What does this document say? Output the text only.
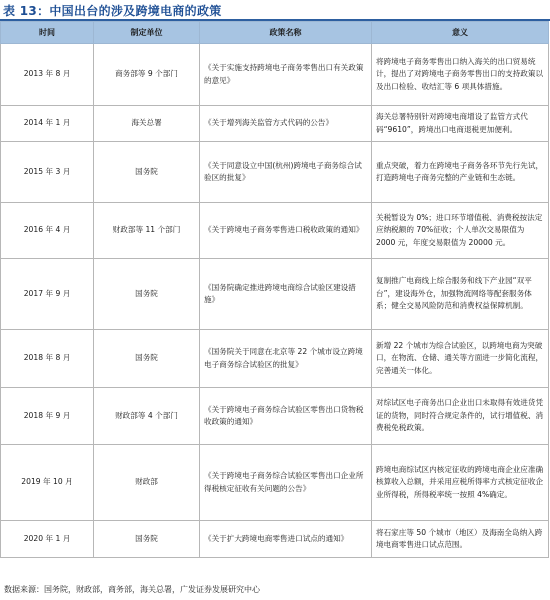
表 13：中国出台的涉及跨境电商的政策
时间	制定单位	政策名称	意义
2013 年 8 月	商务部等 9 个部门	《关于实施支持跨境电子商务零售出口有关政策的意见》	将跨境电子商务零售出口纳入海关的出口贸易统计，提出了对跨境电子商务零售出口的支持政策以及出口检验、收结汇等 6 项具体措施。
2014 年 1 月	海关总署	《关于增列海关监管方式代码的公告》	海关总署特别针对跨境电商增设了监管方式代码“9610”，跨境出口电商退税更加便利。
2015 年 3 月	国务院	《关于同意设立中国(杭州)跨境电子商务综合试验区的批复》	重点突破，着力在跨境电子商务各环节先行先试，打造跨境电子商务完整的产业链和生态链。
2016 年 4 月	财政部等 11 个部门	《关于跨境电子商务零售进口税收政策的通知》	关税暂设为 0%；进口环节增值税、消费税按法定应纳税额的 70%征收；个人单次交易限值为 2000 元，年度交易限值为 20000 元。
2017 年 9 月	国务院	《国务院确定推进跨境电商综合试验区建设措施》	复制推广电商线上综合服务和线下产业园“双平台”，建设海外仓，加强物流网络等配套服务体系；健全交易风险防范和消费权益保障机制。
2018 年 8 月	国务院	《国务院关于同意在北京等 22 个城市设立跨境电子商务综合试验区的批复》	新增 22 个城市为综合试验区，以跨境电商为突破口，在物流、仓储、通关等方面进一步简化流程，完善通关一体化。
2018 年 9 月	财政部等 4 个部门	《关于跨境电子商务综合试验区零售出口货物税收政策的通知》	对综试区电子商务出口企业出口未取得有效进货凭证的货物，同时符合规定条件的，试行增值税、消费税免税政策。
2019 年 10 月	财政部	《关于跨境电子商务综合试验区零售出口企业所得税核定征收有关问题的公告》	跨境电商综试区内核定征收的跨境电商企业应准确核算收入总额，并采用应税所得率方式核定征收企业所得税，所得税率统一按照 4%确定。
2020 年 1 月	国务院	《关于扩大跨境电商零售进口试点的通知》	将石家庄等 50 个城市（地区）及海南全岛纳入跨境电商零售进口试点范围。
数据来源：国务院，财政部，商务部，海关总署，广发证券发展研究中心
